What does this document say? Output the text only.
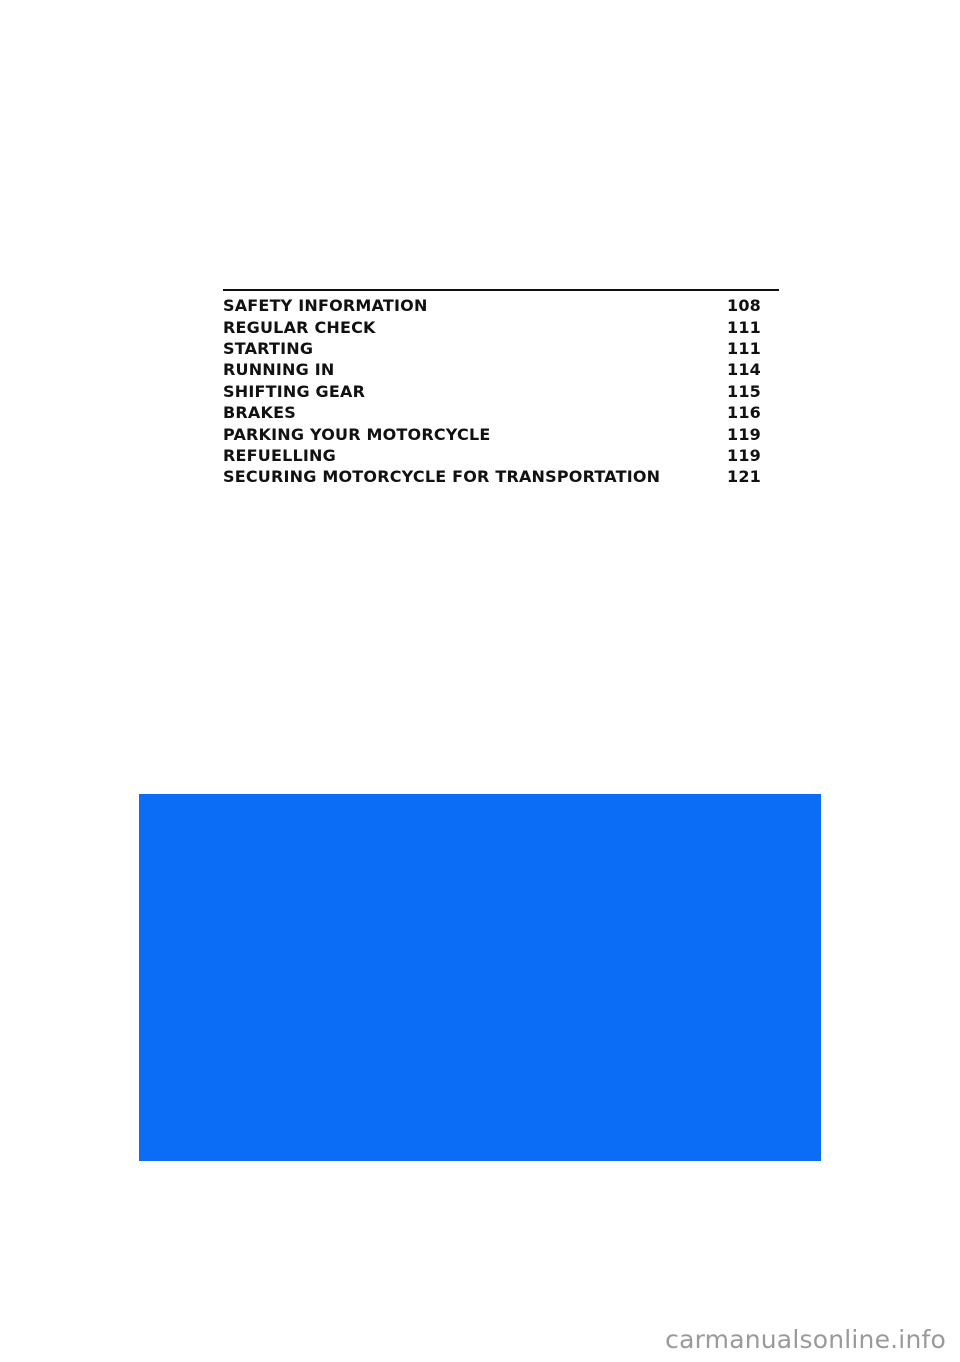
SAFETY INFORMATION	108
REGULAR CHECK	111
STARTING	111
RUNNING IN	114
SHIFTING GEAR	115
BRAKES	116
PARKING YOUR MOTORCYCLE	119
REFUELLING	119
SECURING MOTORCYCLE FOR TRANSPORTATION	121
carmanualsonline.info
